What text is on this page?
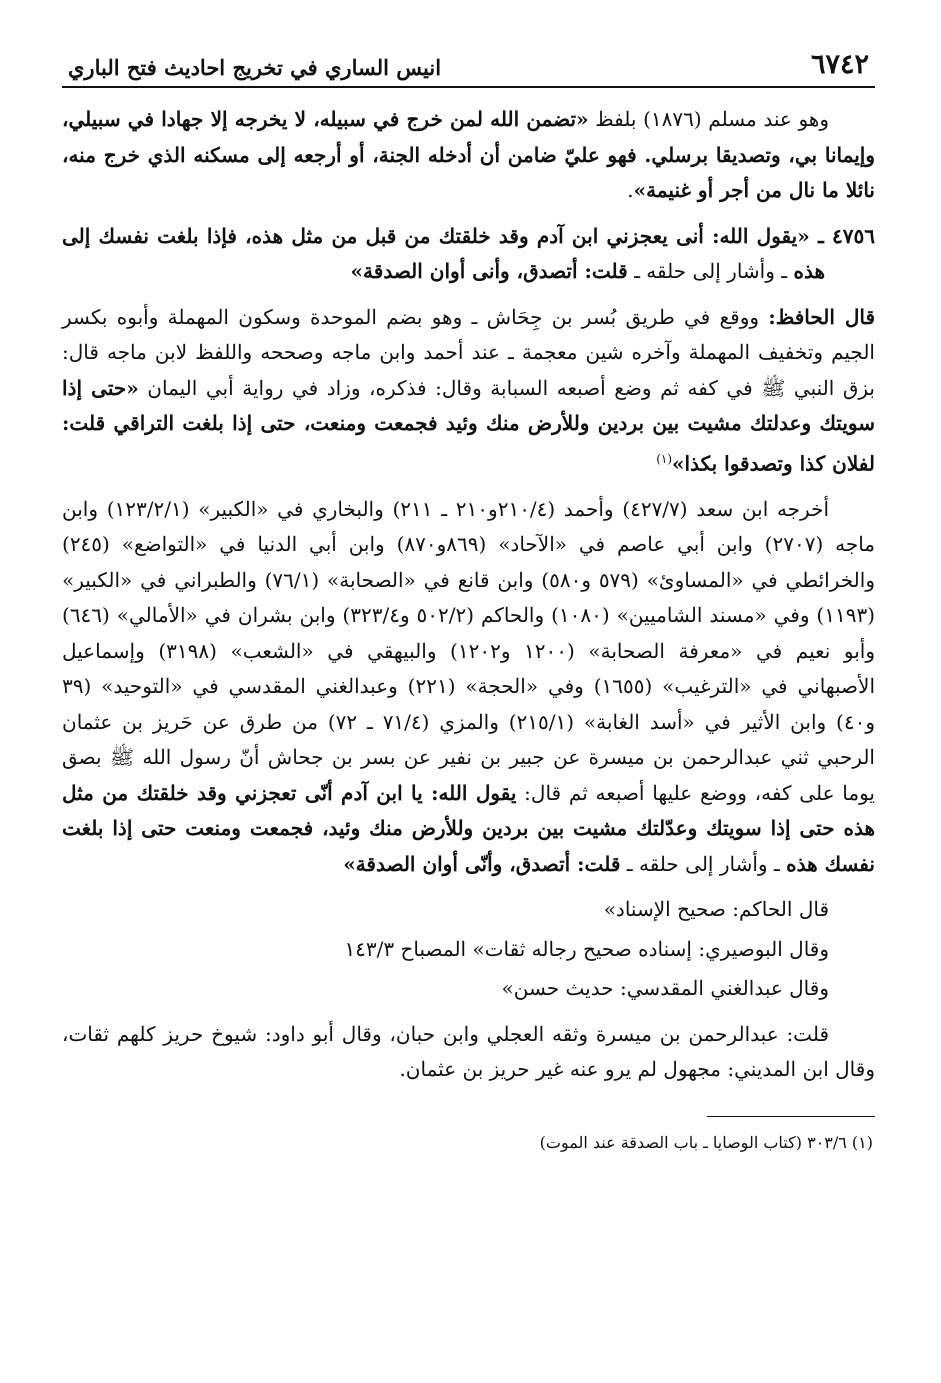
٦٧٤٢
انيس الساري في تخريج احاديث فتح الباري

وهو عند مسلم (١٨٧٦) بلفظ «تضمن الله لمن خرج في سبيله، لا يخرجه إلا جهادا في سبيلي، وإيمانا بي، وتصديقا برسلي. فهو عليّ ضامن أن أدخله الجنة، أو أرجعه إلى مسكنه الذي خرج منه، نائلا ما نال من أجر أو غنيمة».

٤٧٥٦ ـ «يقول الله: أنى يعجزني ابن آدم وقد خلقتك من قبل من مثل هذه، فإذا بلغت نفسك إلى هذه ـ وأشار إلى حلقه ـ قلت: أتصدق، وأنى أوان الصدقة»

قال الحافظ: ووقع في طريق بُسر بن جِحَاش ـ وهو بضم الموحدة وسكون المهملة وأبوه بكسر الجيم وتخفيف المهملة وآخره شين معجمة ـ عند أحمد وابن ماجه وصححه واللفظ لابن ماجه قال: بزق النبي ﷺ في كفه ثم وضع أصبعه السبابة وقال: فذكره، وزاد في رواية أبي اليمان «حتى إذا سويتك وعدلتك مشيت بين بردين وللأرض منك وئيد فجمعت ومنعت، حتى إذا بلغت التراقي قلت: لفلان كذا وتصدقوا بكذا»$^{(١)}$

أخرجه ابن سعد (٤٢٧/٧) وأحمد (٢١٠/٤و٢١٠ ـ ٢١١) والبخاري في «الكبير» (١٢٣/٢/١) وابن ماجه (٢٧٠٧) وابن أبي عاصم في «الآحاد» (٨٦٩و٨٧٠) وابن أبي الدنيا في «التواضع» (٢٤٥) والخرائطي في «المساوئ» (٥٧٩ و٥٨٠) وابن قانع في «الصحابة» (٧٦/١) والطبراني في «الكبير» (١١٩٣) وفي «مسند الشاميين» (١٠٨٠) والحاكم (٥٠٢/٢ و٣٢٣/٤) وابن بشران في «الأمالي» (٦٤٦) وأبو نعيم في «معرفة الصحابة» (١٢٠٠ و١٢٠٢) والبيهقي في «الشعب» (٣١٩٨) وإسماعيل الأصبهاني في «الترغيب» (١٦٥٥) وفي «الحجة» (٢٢١) وعبدالغني المقدسي في «التوحيد» (٣٩ و٤٠) وابن الأثير في «أسد الغابة» (٢١٥/١) والمزي (٧١/٤ ـ ٧٢) من طرق عن حَريز بن عثمان الرحبي ثني عبدالرحمن بن ميسرة عن جبير بن نفير عن بسر بن جحاش أنّ رسول الله ﷺ بصق يوما على كفه، ووضع عليها أصبعه ثم قال: يقول الله: يا ابن آدم أنّى تعجزني وقد خلقتك من مثل هذه حتى إذا سويتك وعدّلتك مشيت بين بردين وللأرض منك وئيد، فجمعت ومنعت حتى إذا بلغت نفسك هذه ـ وأشار إلى حلقه ـ قلت: أتصدق، وأنّى أوان الصدقة»

قال الحاكم: صحيح الإسناد»

وقال البوصيري: إسناده صحيح رجاله ثقات» المصباح ١٤٣/٣

وقال عبدالغني المقدسي: حديث حسن»

قلت: عبدالرحمن بن ميسرة وثقه العجلي وابن حبان، وقال أبو داود: شيوخ حريز كلهم ثقات، وقال ابن المديني: مجهول لم يرو عنه غير حريز بن عثمان.

(١) ٣٠٣/٦ (كتاب الوصايا ـ باب الصدقة عند الموت)
